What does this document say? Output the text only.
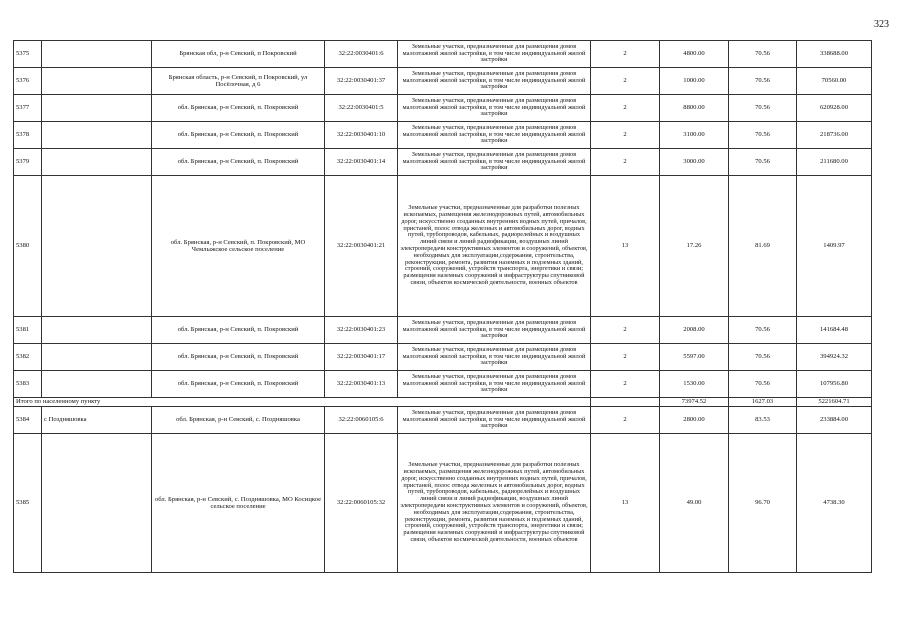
323
5375		Брянская обл, р-н Севский, п Покровский	32:22:0030401:6	Земельные участки, предназначенные для размещения домов малоэтажной жилой застройки, в том числе индивидуальной жилой застройки	2	4800.00	70.56	338688.00
5376		Брянская область, р-н Севский, п Покровский, ул Посёлочная, д 6	32:22:0030401:37	Земельные участки, предназначенные для размещения домов малоэтажной жилой застройки, в том числе индивидуальной жилой застройки	2	1000.00	70.56	70560.00
5377		обл. Брянская, р-н Севский, п. Покровский	32:22:0030401:5	Земельные участки, предназначенные для размещения домов малоэтажной жилой застройки, в том числе индивидуальной жилой застройки	2	8800.00	70.56	620928.00
5378		обл. Брянская, р-н Севский, п. Покровский	32:22:0030401:10	Земельные участки, предназначенные для размещения домов малоэтажной жилой застройки, в том числе индивидуальной жилой застройки	2	3100.00	70.56	218736.00
5379		обл. Брянская, р-н Севский, п. Покровский	32:22:0030401:14	Земельные участки, предназначенные для размещения домов малоэтажной жилой застройки, в том числе индивидуальной жилой застройки	2	3000.00	70.56	211680.00
5380		обл. Брянская, р-н Севский, п. Покровский, МО Чемлыжское сельское поселение	32:22:0030401:21	Земельные участки, предназначенные для разработки полезных ископаемых, размещения железнодорожных путей, автомобильных дорог, искусственно созданных внутренних водных путей, причалов, пристаней, полос отвода железных и автомобильных дорог, водных путей, трубопроводов, кабельных, радиорелейных и воздушных линий связи и линий радиофикации, воздушных линий электропередачи конструктивных элементов и сооружений, объектов, необходимых для эксплуатации,содержания, строительства, реконструкции, ремонта, развития наземных и подземных зданий, строений, сооружений, устройств транспорта, энергетики и связи; размещения наземных сооружений и инфраструктуры спутниковой связи, объектов космической деятельности, военных объектов	13	17.26	81.69	1409.97
5381		обл. Брянская, р-н Севский, п. Покровский	32:22:0030401:23	Земельные участки, предназначенные для размещения домов малоэтажной жилой застройки, в том числе индивидуальной жилой застройки	2	2008.00	70.56	141684.48
5382		обл. Брянская, р-н Севский, п. Покровский	32:22:0030401:17	Земельные участки, предназначенные для размещения домов малоэтажной жилой застройки, в том числе индивидуальной жилой застройки	2	5597.00	70.56	394924.32
5383		обл. Брянская, р-н Севский, п. Покровский	32:22:0030401:13	Земельные участки, предназначенные для размещения домов малоэтажной жилой застройки, в том числе индивидуальной жилой застройки	2	1530.00	70.56	107956.80
Итого по населенному пункту						73974.52	1627.03	5221604.71
5384	с Поздняшовка	обл. Брянская, р-н Севский, с. Поздняшовка	32:22:0060105:6	Земельные участки, предназначенные для размещения домов малоэтажной жилой застройки, в том числе индивидуальной жилой застройки	2	2800.00	83.53	233884.00
5385		обл. Брянская, р-н Севский, с. Поздняшовка, МО Косицкое сельское поселение	32:22:0060105:32	Земельные участки, предназначенные для разработки полезных ископаемых, размещения железнодорожных путей, автомобильных дорог, искусственно созданных внутренних водных путей, причалов, пристаней, полос отвода железных и автомобильных дорог, водных путей, трубопроводов, кабельных, радиорелейных и воздушных линий связи и линий радиофикации, воздушных линий электропередачи конструктивных элементов и сооружений, объектов, необходимых для эксплуатации,содержания, строительства, реконструкции, ремонта, развития наземных и подземных зданий, строений, сооружений, устройств транспорта, энергетики и связи; размещения наземных сооружений и инфраструктуры спутниковой связи, объектов космической деятельности, военных объектов	13	49.00	96.70	4738.30
